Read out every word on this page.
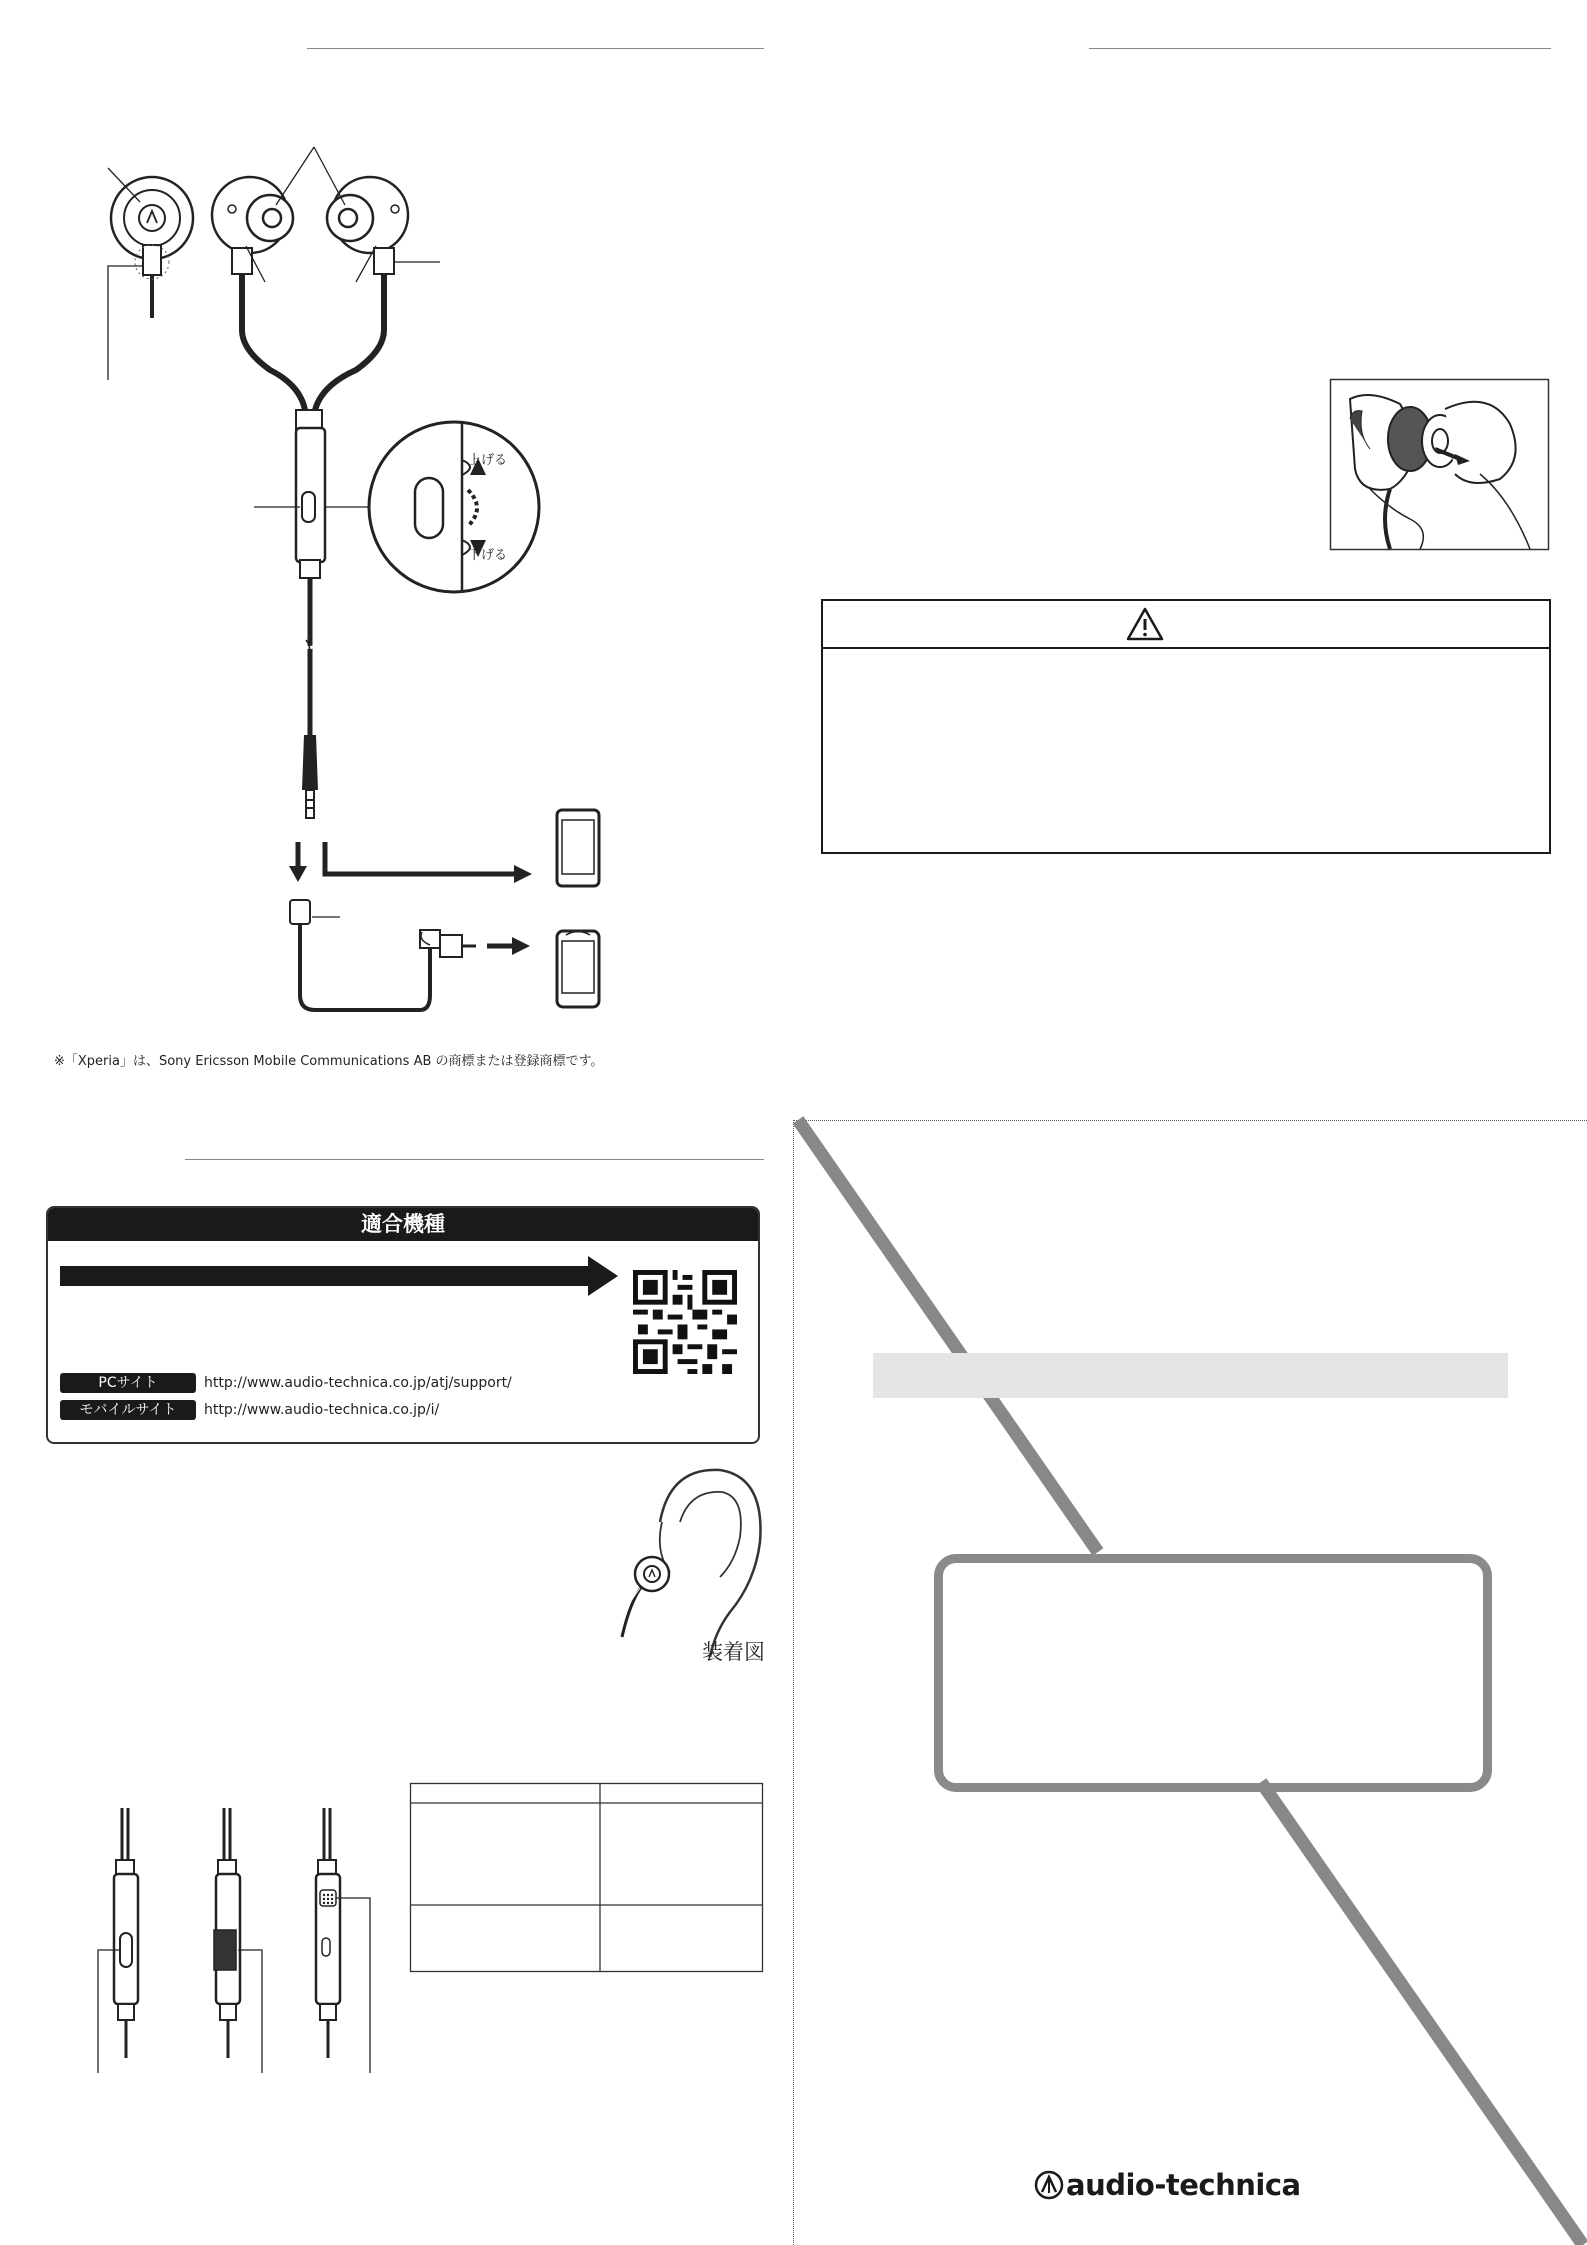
上げる
下げる
※「Xperia」は、Sony Ericsson Mobile Communications AB の商標または登録商標です。
適合機種
PCサイト	http://www.audio-technica.co.jp/atj/support/
モバイルサイト	http://www.audio-technica.co.jp/i/
装着図
audio-technica
